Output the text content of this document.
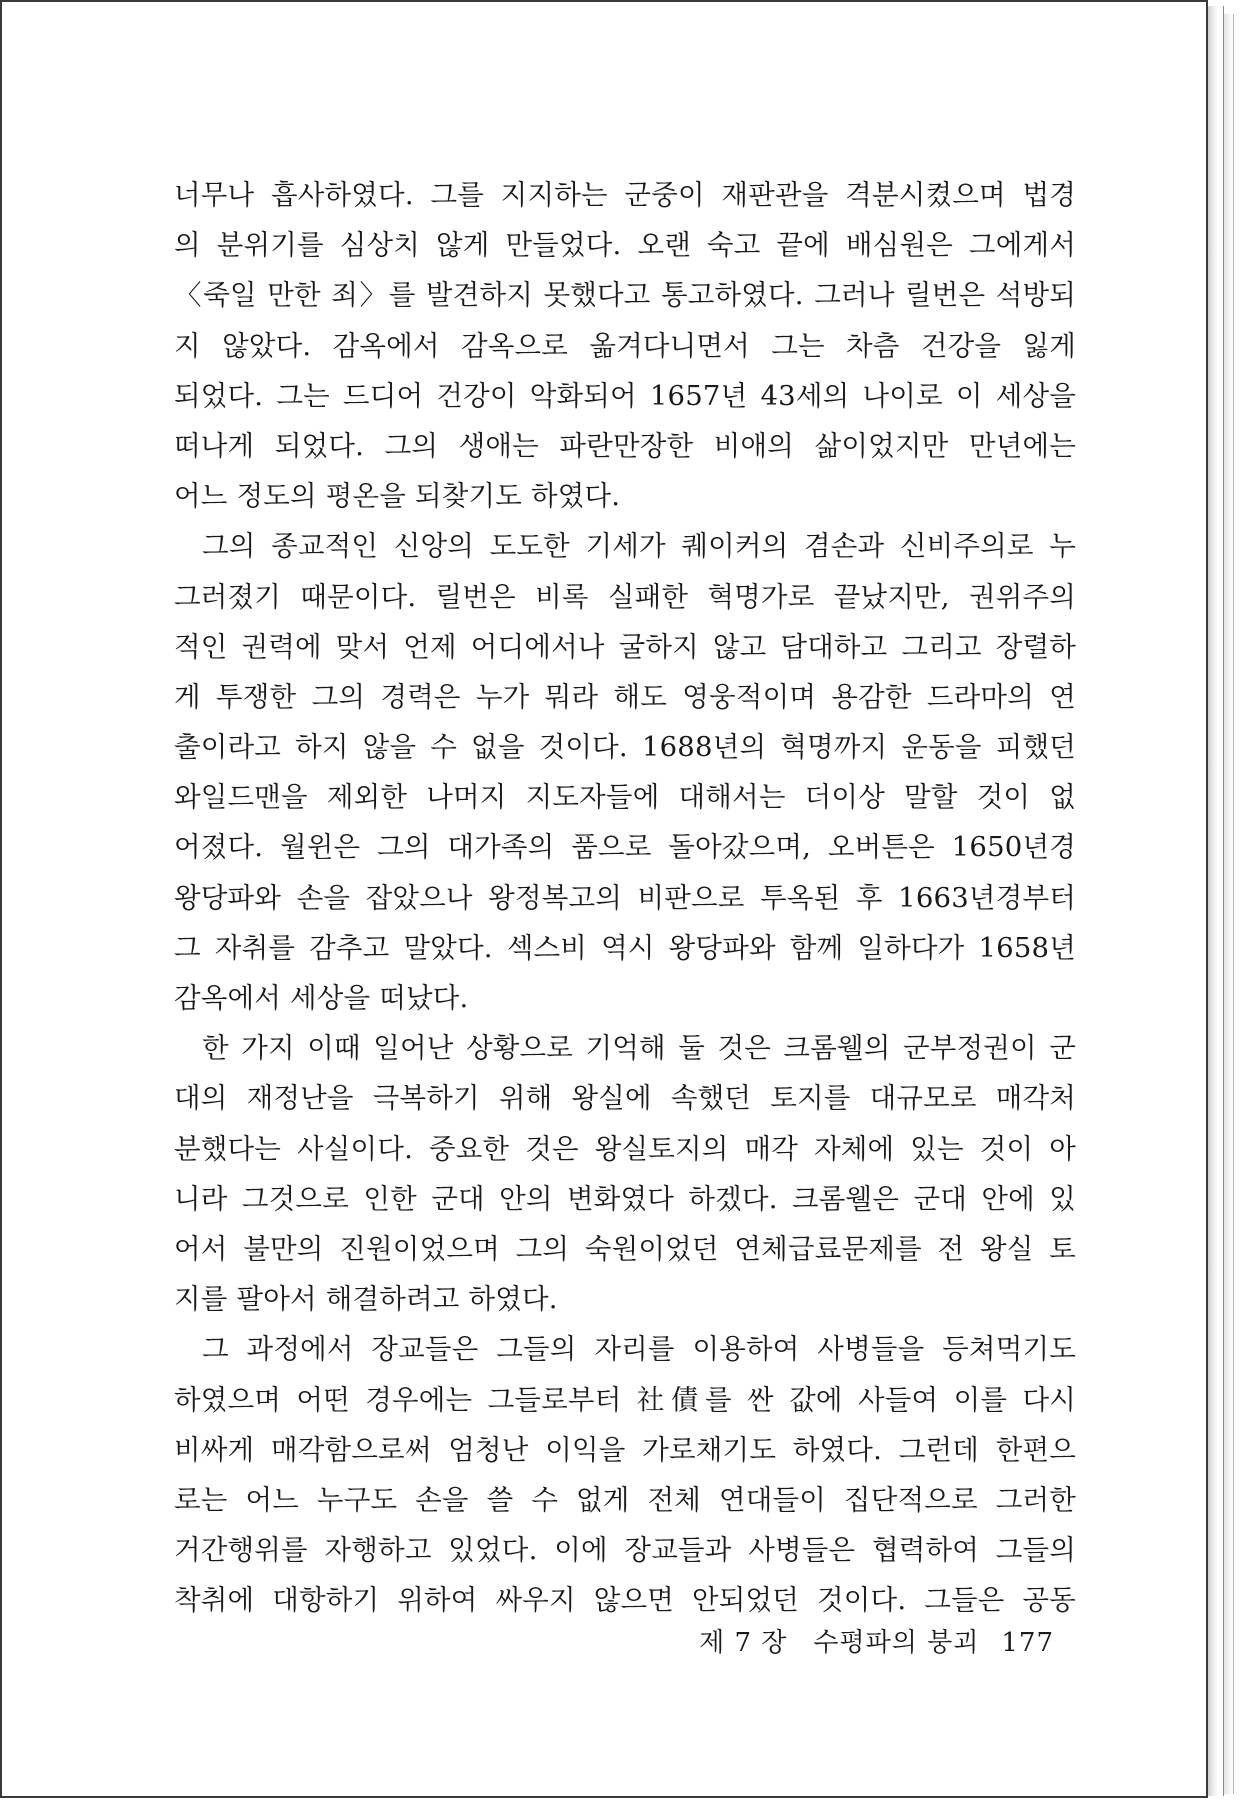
너무나 흡사하였다. 그를 지지하는 군중이 재판관을 격분시켰으며 법경
의 분위기를 심상치 않게 만들었다. 오랜 숙고 끝에 배심원은 그에게서
〈죽일 만한 죄〉를 발견하지 못했다고 통고하였다. 그러나 릴번은 석방되
지 않았다. 감옥에서 감옥으로 옮겨다니면서 그는 차츰 건강을 잃게
되었다. 그는 드디어 건강이 악화되어 1657년 43세의 나이로 이 세상을
떠나게 되었다. 그의 생애는 파란만장한 비애의 삶이었지만 만년에는
어느 정도의 평온을 되찾기도 하였다.
그의 종교적인 신앙의 도도한 기세가 퀘이커의 겸손과 신비주의로 누
그러졌기 때문이다. 릴번은 비록 실패한 혁명가로 끝났지만, 권위주의
적인 권력에 맞서 언제 어디에서나 굴하지 않고 담대하고 그리고 장렬하
게 투쟁한 그의 경력은 누가 뭐라 해도 영웅적이며 용감한 드라마의 연
출이라고 하지 않을 수 없을 것이다. 1688년의 혁명까지 운동을 피했던
와일드맨을 제외한 나머지 지도자들에 대해서는 더이상 말할 것이 없
어졌다. 월윈은 그의 대가족의 품으로 돌아갔으며, 오버튼은 1650년경
왕당파와 손을 잡았으나 왕정복고의 비판으로 투옥된 후 1663년경부터
그 자취를 감추고 말았다. 섹스비 역시 왕당파와 함께 일하다가 1658년
감옥에서 세상을 떠났다.
한 가지 이때 일어난 상황으로 기억해 둘 것은 크롬웰의 군부정권이 군
대의 재정난을 극복하기 위해 왕실에 속했던 토지를 대규모로 매각처
분했다는 사실이다. 중요한 것은 왕실토지의 매각 자체에 있는 것이 아
니라 그것으로 인한 군대 안의 변화였다 하겠다. 크롬웰은 군대 안에 있
어서 불만의 진원이었으며 그의 숙원이었던 연체급료문제를 전 왕실 토
지를 팔아서 해결하려고 하였다.
그 과정에서 장교들은 그들의 자리를 이용하여 사병들을 등쳐먹기도
하였으며 어떤 경우에는 그들로부터 社債를 싼 값에 사들여 이를 다시
비싸게 매각함으로써 엄청난 이익을 가로채기도 하였다. 그런데 한편으
로는 어느 누구도 손을 쓸 수 없게 전체 연대들이 집단적으로 그러한
거간행위를 자행하고 있었다. 이에 장교들과 사병들은 협력하여 그들의
착취에 대항하기 위하여 싸우지 않으면 안되었던 것이다. 그들은 공동
제 7 장 수평파의 붕괴 177
